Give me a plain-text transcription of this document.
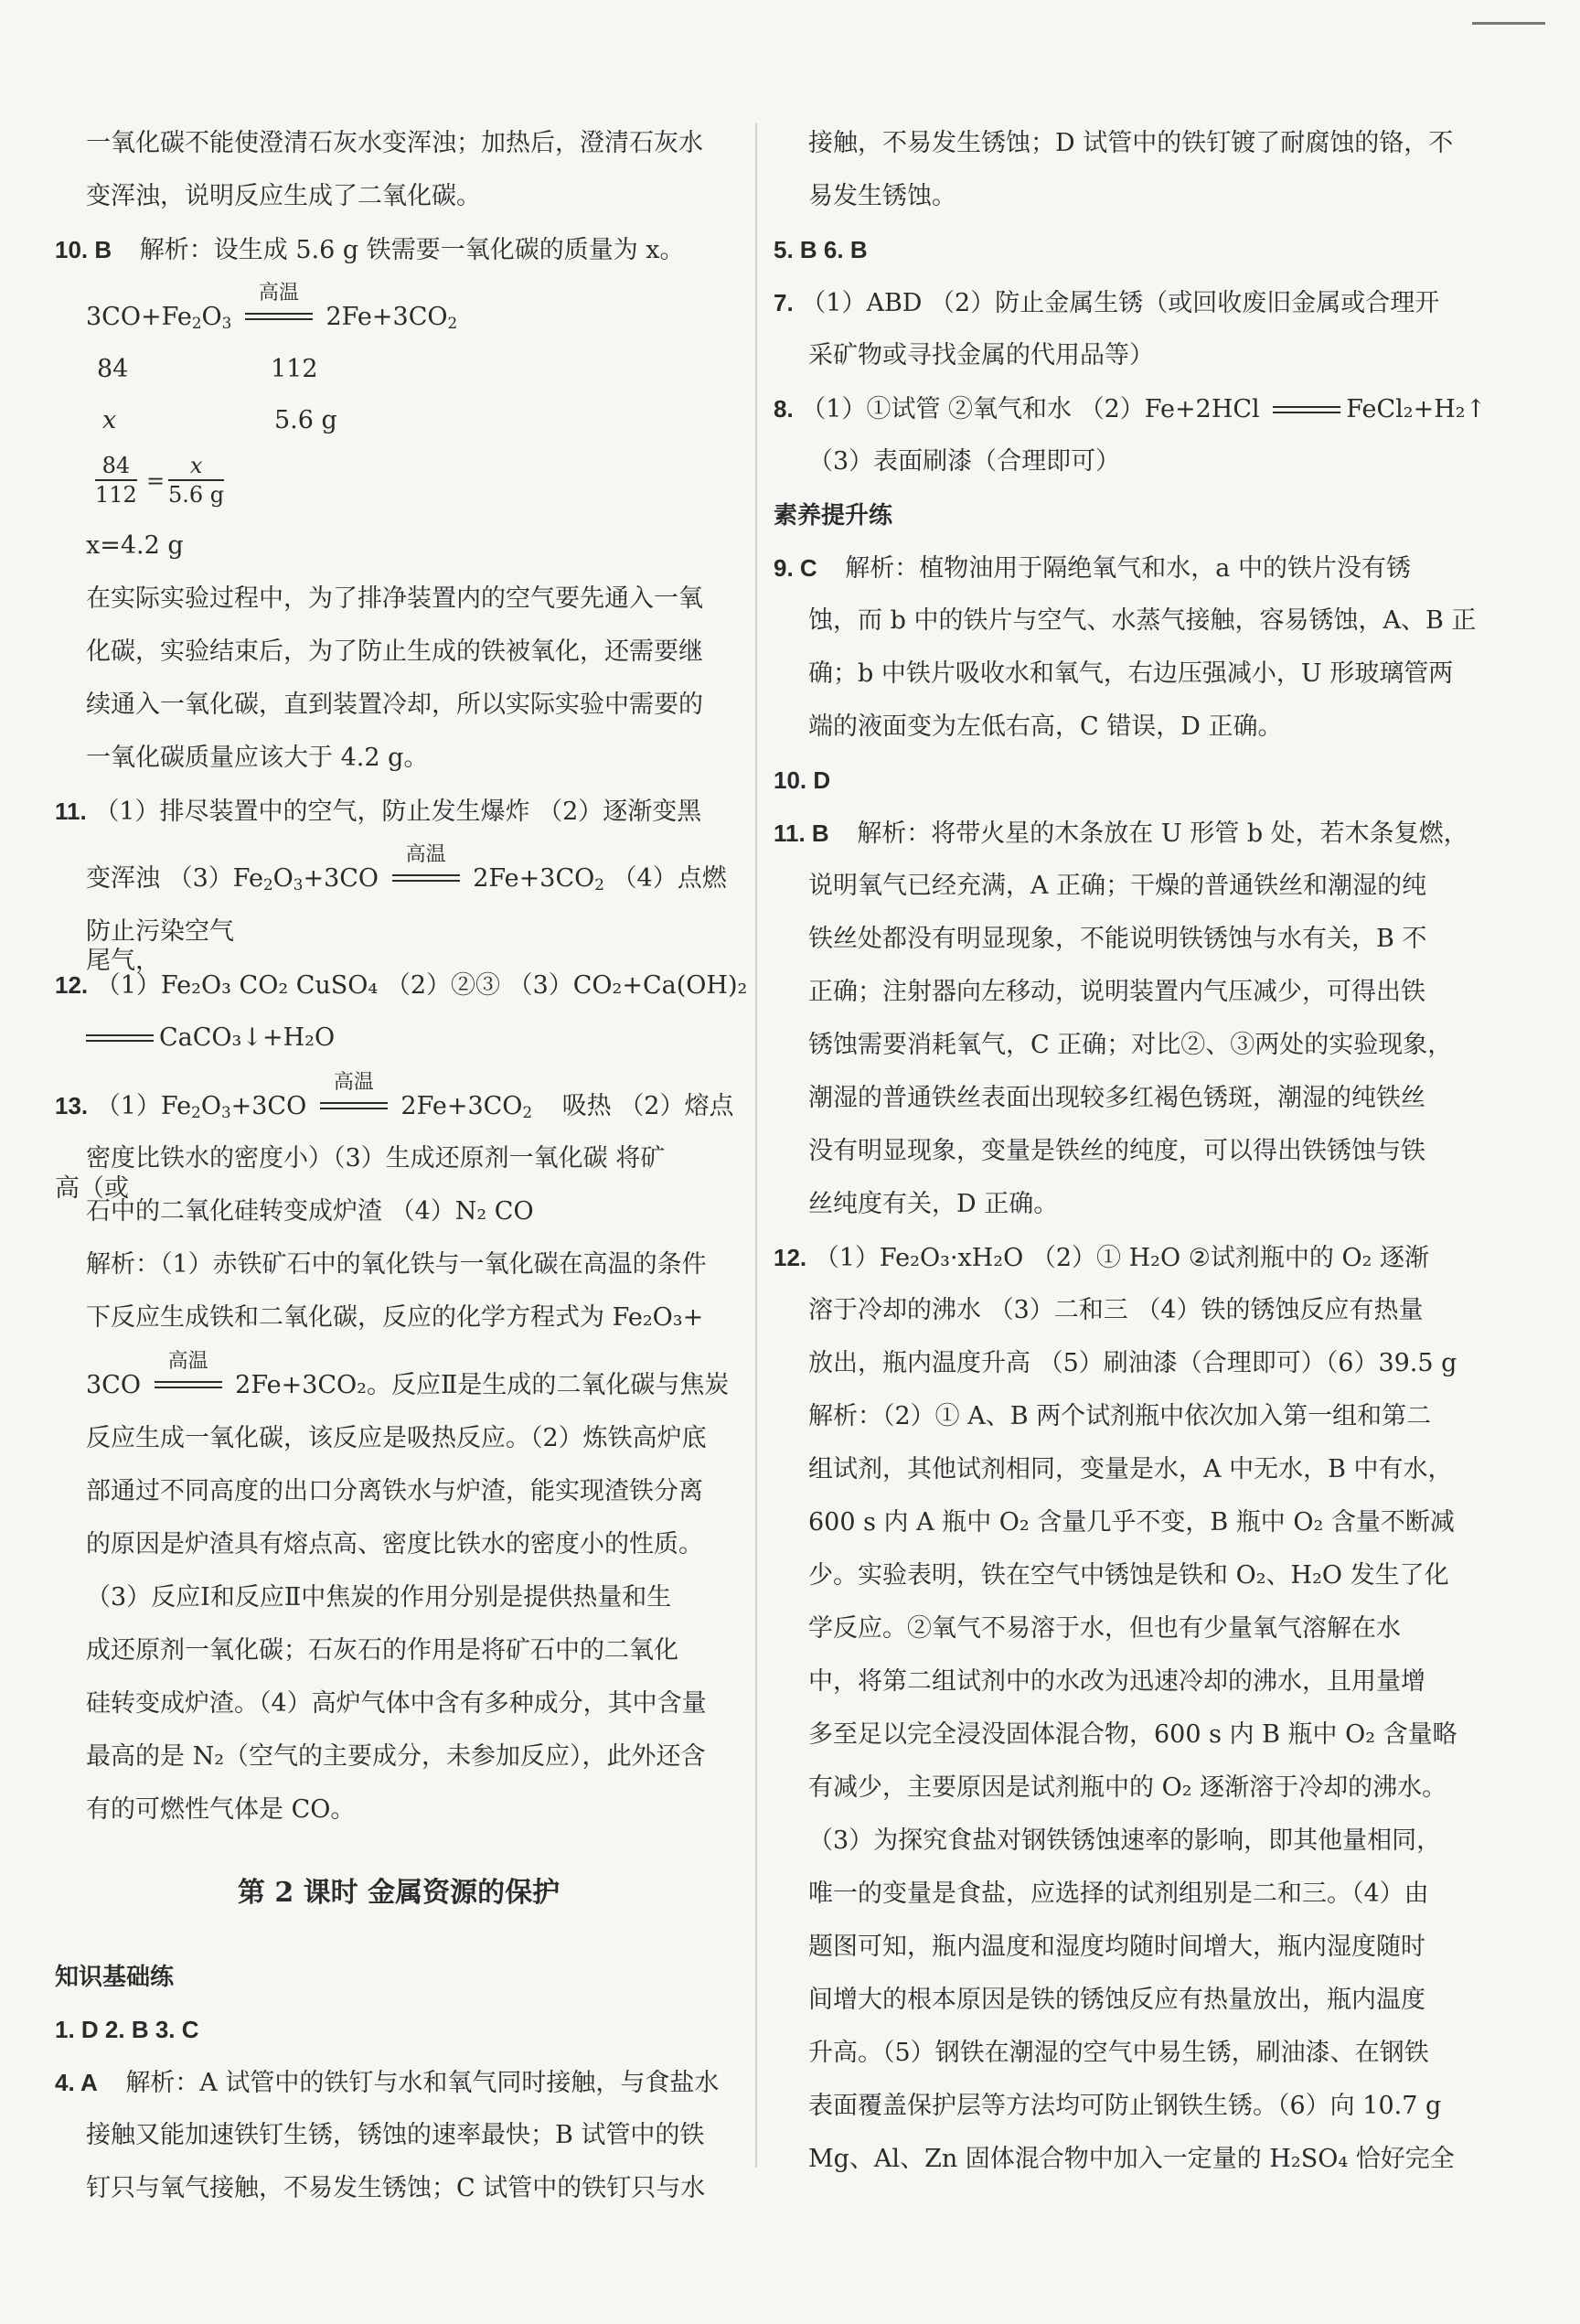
一氧化碳不能使澄清石灰水变浑浊；加热后，澄清石灰水

变浑浊，说明反应生成了二氧化碳。

10. B 解析：设生成 5.6 g 铁需要一氧化碳的质量为 x。

$3CO+Fe_2O_3$
高温
$2Fe+3CO_2$
84	112
x	5.6 g
$\frac{84}{112} = \frac{x}{5.6 g}$

x=4.2 g

在实际实验过程中，为了排净装置内的空气要先通入一氧

化碳，实验结束后，为了防止生成的铁被氧化，还需要继

续通入一氧化碳，直到装置冷却，所以实际实验中需要的

一氧化碳质量应该大于 4.2 g。

11. （1）排尽装置中的空气，防止发生爆炸 （2）逐渐变黑

变浑浊 $(3)Fe_2O_3+3CO$
高温
$2Fe+3CO_2$ （4）点燃尾气，

防止污染空气

12. （1）Fe₂O₃ CO₂ CuSO₄ （2）②③ （3）CO₂+Ca(OH)₂

CaCO₃↓+H₂O

13. $(1)Fe_2O_3+3CO$
高温
$2Fe+3CO_2$ 吸热 （2）熔点高（或

密度比铁水的密度小）（3）生成还原剂一氧化碳 将矿

石中的二氧化硅转变成炉渣 （4）N₂ CO

解析：（1）赤铁矿石中的氧化铁与一氧化碳在高温的条件

下反应生成铁和二氧化碳，反应的化学方程式为 Fe₂O₃+

3CO
高温
2Fe+3CO₂。反应Ⅱ是生成的二氧化碳与焦炭

反应生成一氧化碳，该反应是吸热反应。（2）炼铁高炉底

部通过不同高度的出口分离铁水与炉渣，能实现渣铁分离

的原因是炉渣具有熔点高、密度比铁水的密度小的性质。

（3）反应Ⅰ和反应Ⅱ中焦炭的作用分别是提供热量和生

成还原剂一氧化碳；石灰石的作用是将矿石中的二氧化

硅转变成炉渣。（4）高炉气体中含有多种成分，其中含量

最高的是 N₂（空气的主要成分，未参加反应），此外还含

有的可燃性气体是 CO。

第 2 课时 金属资源的保护

知识基础练

1. D 2. B 3. C

4. A 解析：A 试管中的铁钉与水和氧气同时接触，与食盐水

接触又能加速铁钉生锈，锈蚀的速率最快；B 试管中的铁

钉只与氧气接触，不易发生锈蚀；C 试管中的铁钉只与水

接触，不易发生锈蚀；D 试管中的铁钉镀了耐腐蚀的铬，不

易发生锈蚀。

5. B 6. B

7. （1）ABD （2）防止金属生锈（或回收废旧金属或合理开

采矿物或寻找金属的代用品等）

8. （1）①试管 ②氧气和水 （2）Fe+2HCl	FeCl₂+H₂↑

（3）表面刷漆（合理即可）

素养提升练

9. C 解析：植物油用于隔绝氧气和水，a 中的铁片没有锈

蚀，而 b 中的铁片与空气、水蒸气接触，容易锈蚀，A、B 正

确；b 中铁片吸收水和氧气，右边压强减小，U 形玻璃管两

端的液面变为左低右高，C 错误，D 正确。

10. D

11. B 解析：将带火星的木条放在 U 形管 b 处，若木条复燃，

说明氧气已经充满，A 正确；干燥的普通铁丝和潮湿的纯

铁丝处都没有明显现象，不能说明铁锈蚀与水有关，B 不

正确；注射器向左移动，说明装置内气压减少，可得出铁

锈蚀需要消耗氧气，C 正确；对比②、③两处的实验现象，

潮湿的普通铁丝表面出现较多红褐色锈斑，潮湿的纯铁丝

没有明显现象，变量是铁丝的纯度，可以得出铁锈蚀与铁

丝纯度有关，D 正确。

12. （1）Fe₂O₃·xH₂O （2）① H₂O ②试剂瓶中的 O₂ 逐渐

溶于冷却的沸水 （3）二和三 （4）铁的锈蚀反应有热量

放出，瓶内温度升高 （5）刷油漆（合理即可）（6）39.5 g

解析：（2）① A、B 两个试剂瓶中依次加入第一组和第二

组试剂，其他试剂相同，变量是水，A 中无水，B 中有水，

600 s 内 A 瓶中 O₂ 含量几乎不变，B 瓶中 O₂ 含量不断减

少。实验表明，铁在空气中锈蚀是铁和 O₂、H₂O 发生了化

学反应。②氧气不易溶于水，但也有少量氧气溶解在水

中，将第二组试剂中的水改为迅速冷却的沸水，且用量增

多至足以完全浸没固体混合物，600 s 内 B 瓶中 O₂ 含量略

有减少，主要原因是试剂瓶中的 O₂ 逐渐溶于冷却的沸水。

（3）为探究食盐对钢铁锈蚀速率的影响，即其他量相同，

唯一的变量是食盐，应选择的试剂组别是二和三。（4）由

题图可知，瓶内温度和湿度均随时间增大，瓶内湿度随时

间增大的根本原因是铁的锈蚀反应有热量放出，瓶内温度

升高。（5）钢铁在潮湿的空气中易生锈，刷油漆、在钢铁

表面覆盖保护层等方法均可防止钢铁生锈。（6）向 10.7 g

Mg、Al、Zn 固体混合物中加入一定量的 H₂SO₄ 恰好完全
